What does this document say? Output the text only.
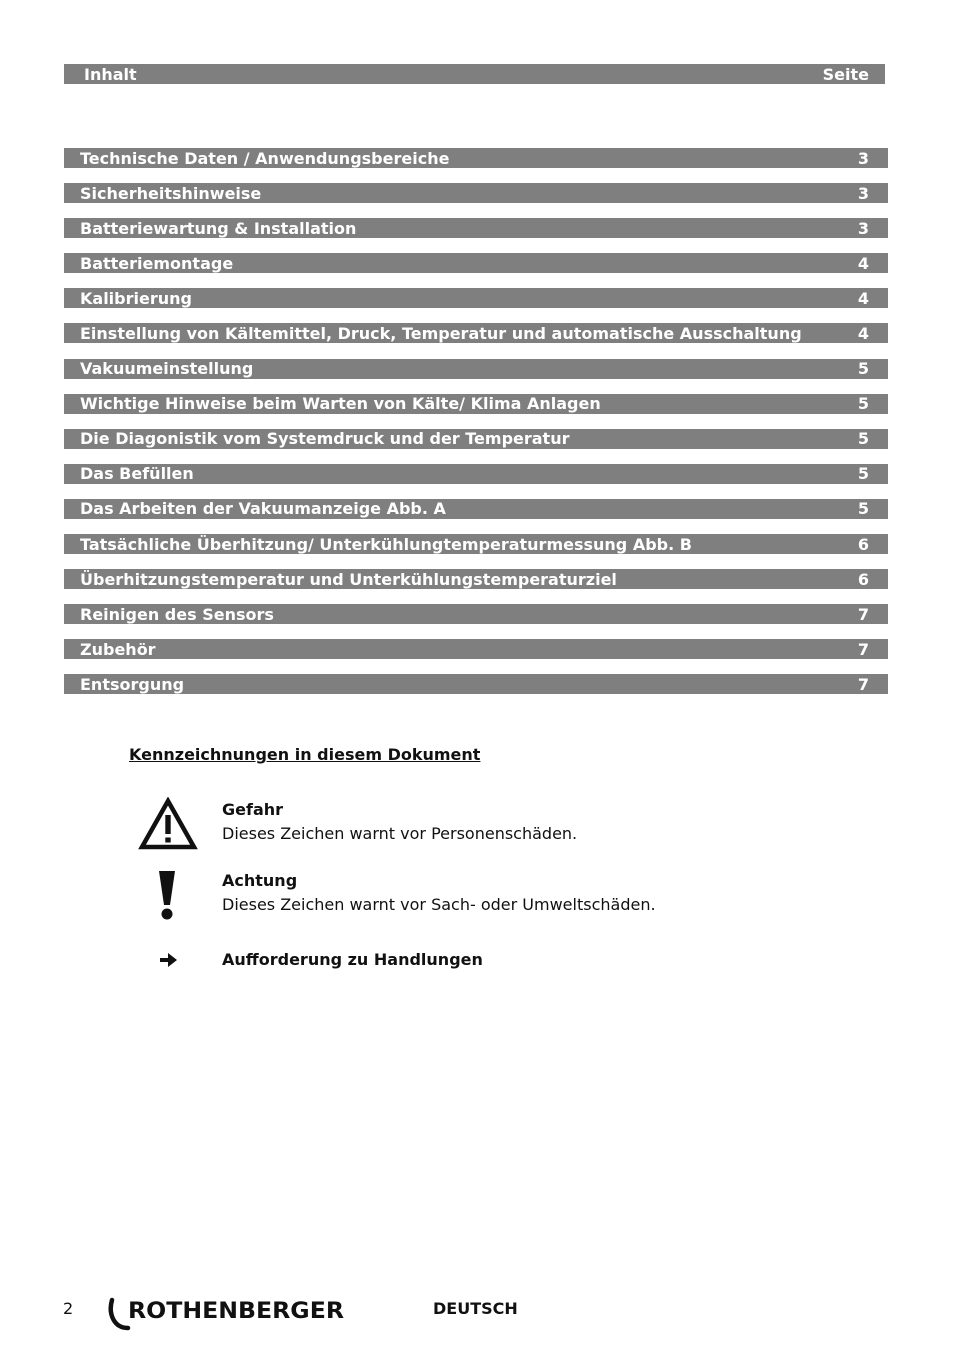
Inhalt	Seite
Technische Daten / Anwendungsbereiche	3
Sicherheitshinweise	3
Batteriewartung & Installation	3
Batteriemontage	4
Kalibrierung	4
Einstellung von Kältemittel, Druck, Temperatur und automatische Ausschaltung	4
Vakuumeinstellung	5
Wichtige Hinweise beim Warten von Kälte/ Klima Anlagen	5
Die Diagonistik vom Systemdruck und der Temperatur	5
Das Befüllen	5
Das Arbeiten der Vakuumanzeige Abb. A	5
Tatsächliche Überhitzung/ Unterkühlungtemperaturmessung Abb. B	6
Überhitzungstemperatur und Unterkühlungstemperaturziel	6
Reinigen des Sensors	7
Zubehör	7
Entsorgung	7
Kennzeichnungen in diesem Dokument
Gefahr
Dieses Zeichen warnt vor Personenschäden.
Achtung
Dieses Zeichen warnt vor Sach- oder Umweltschäden.
Aufforderung zu Handlungen
2 ROTHENBERGER	DEUTSCH
